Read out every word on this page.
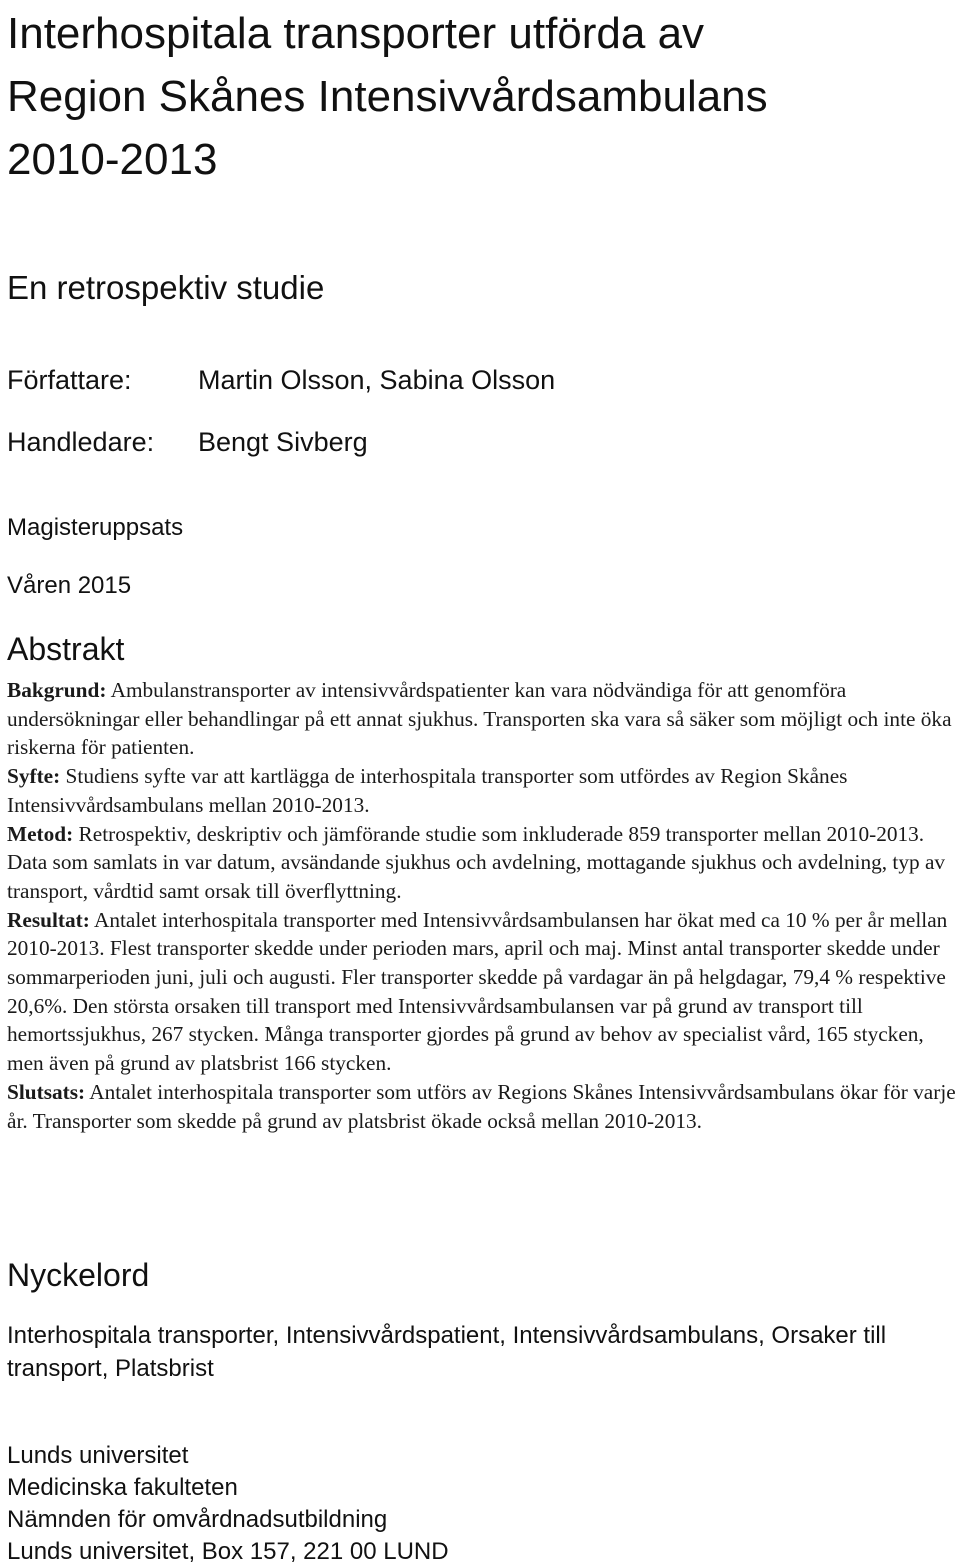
Interhospitala transporter utförda av
Region Skånes Intensivvårdsambulans
2010-2013
En retrospektiv studie
Författare: Martin Olsson, Sabina Olsson
Handledare: Bengt Sivberg
Magisteruppsats
Våren 2015
Abstrakt

Bakgrund: Ambulanstransporter av intensivvårdspatienter kan vara nödvändiga för att genomföra undersökningar eller behandlingar på ett annat sjukhus. Transporten ska vara så säker som möjligt och inte öka riskerna för patienten.

Syfte: Studiens syfte var att kartlägga de interhospitala transporter som utfördes av Region Skånes Intensivvårdsambulans mellan 2010-2013.

Metod: Retrospektiv, deskriptiv och jämförande studie som inkluderade 859 transporter mellan 2010-2013. Data som samlats in var datum, avsändande sjukhus och avdelning, mottagande sjukhus och avdelning, typ av transport, vårdtid samt orsak till överflyttning.

Resultat: Antalet interhospitala transporter med Intensivvårdsambulansen har ökat med ca 10 % per år mellan 2010-2013. Flest transporter skedde under perioden mars, april och maj. Minst antal transporter skedde under sommarperioden juni, juli och augusti. Fler transporter skedde på vardagar än på helgdagar, 79,4 % respektive 20,6%. Den största orsaken till transport med Intensivvårdsambulansen var på grund av transport till hemortssjukhus, 267 stycken. Många transporter gjordes på grund av behov av specialist vård, 165 stycken, men även på grund av platsbrist 166 stycken.

Slutsats: Antalet interhospitala transporter som utförs av Regions Skånes Intensivvårdsambulans ökar för varje år. Transporter som skedde på grund av platsbrist ökade också mellan 2010-2013.

Nyckelord

Interhospitala transporter, Intensivvårdspatient, Intensivvårdsambulans, Orsaker till transport, Platsbrist

Lunds universitet
Medicinska fakulteten
Nämnden för omvårdnadsutbildning
Lunds universitet, Box 157, 221 00 LUND
